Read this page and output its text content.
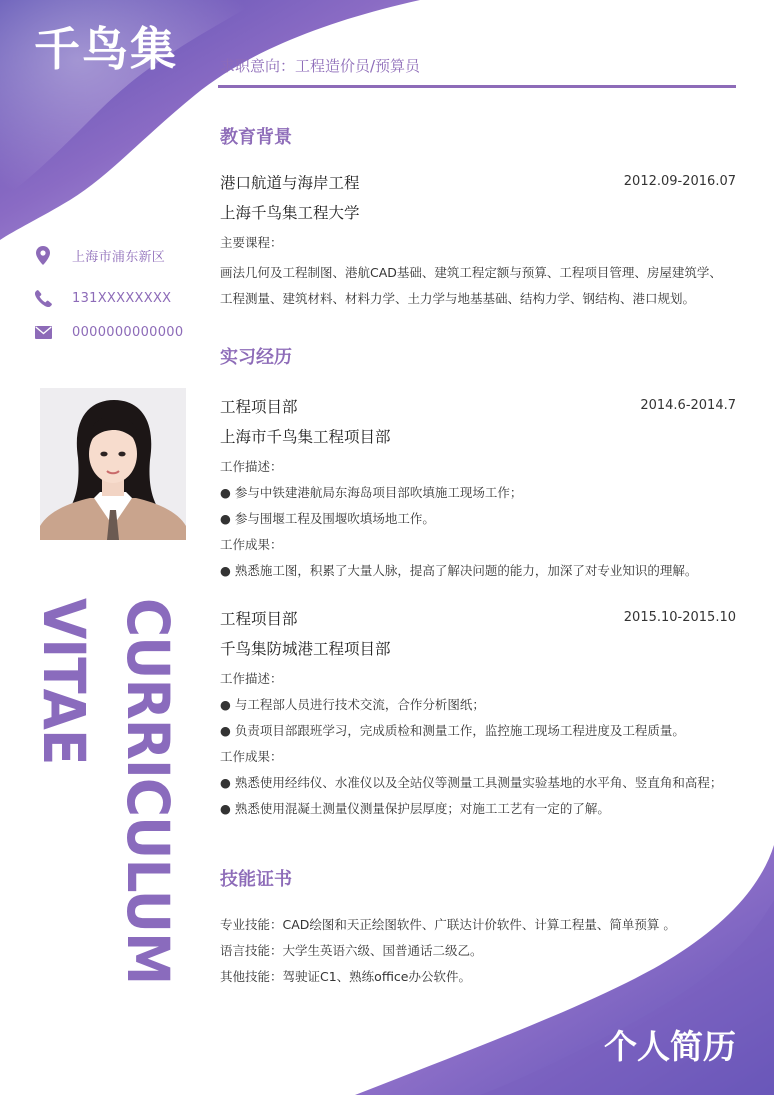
千鸟集
个人简历
求职意向：工程造价员/预算员
上海市浦东新区
131XXXXXXXX
0000000000000
VITAE CURRICULUM
教育背景
港口航道与海岸工程	2012.09-2016.07
上海千鸟集工程大学
主要课程：
画法几何及工程制图、港航CAD基础、建筑工程定额与预算、工程项目管理、房屋建筑学、
工程测量、建筑材料、材料力学、土力学与地基基础、结构力学、钢结构、港口规划。
实习经历
工程项目部	2014.6-2014.7
上海市千鸟集工程项目部
工作描述：
● 参与中铁建港航局东海岛项目部吹填施工现场工作；
● 参与围堰工程及围堰吹填场地工作。
工作成果：
● 熟悉施工图，积累了大量人脉，提高了解决问题的能力，加深了对专业知识的理解。
工程项目部	2015.10-2015.10
千鸟集防城港工程项目部
工作描述：
● 与工程部人员进行技术交流，合作分析图纸；
● 负责项目部跟班学习，完成质检和测量工作，监控施工现场工程进度及工程质量。
工作成果：
● 熟悉使用经纬仪、水准仪以及全站仪等测量工具测量实验基地的水平角、竖直角和高程；
● 熟悉使用混凝土测量仪测量保护层厚度；对施工工艺有一定的了解。
技能证书
专业技能：CAD绘图和天正绘图软件、广联达计价软件、计算工程量、简单预算 。
语言技能：大学生英语六级、国普通话二级乙。
其他技能：驾驶证C1、熟练office办公软件。
